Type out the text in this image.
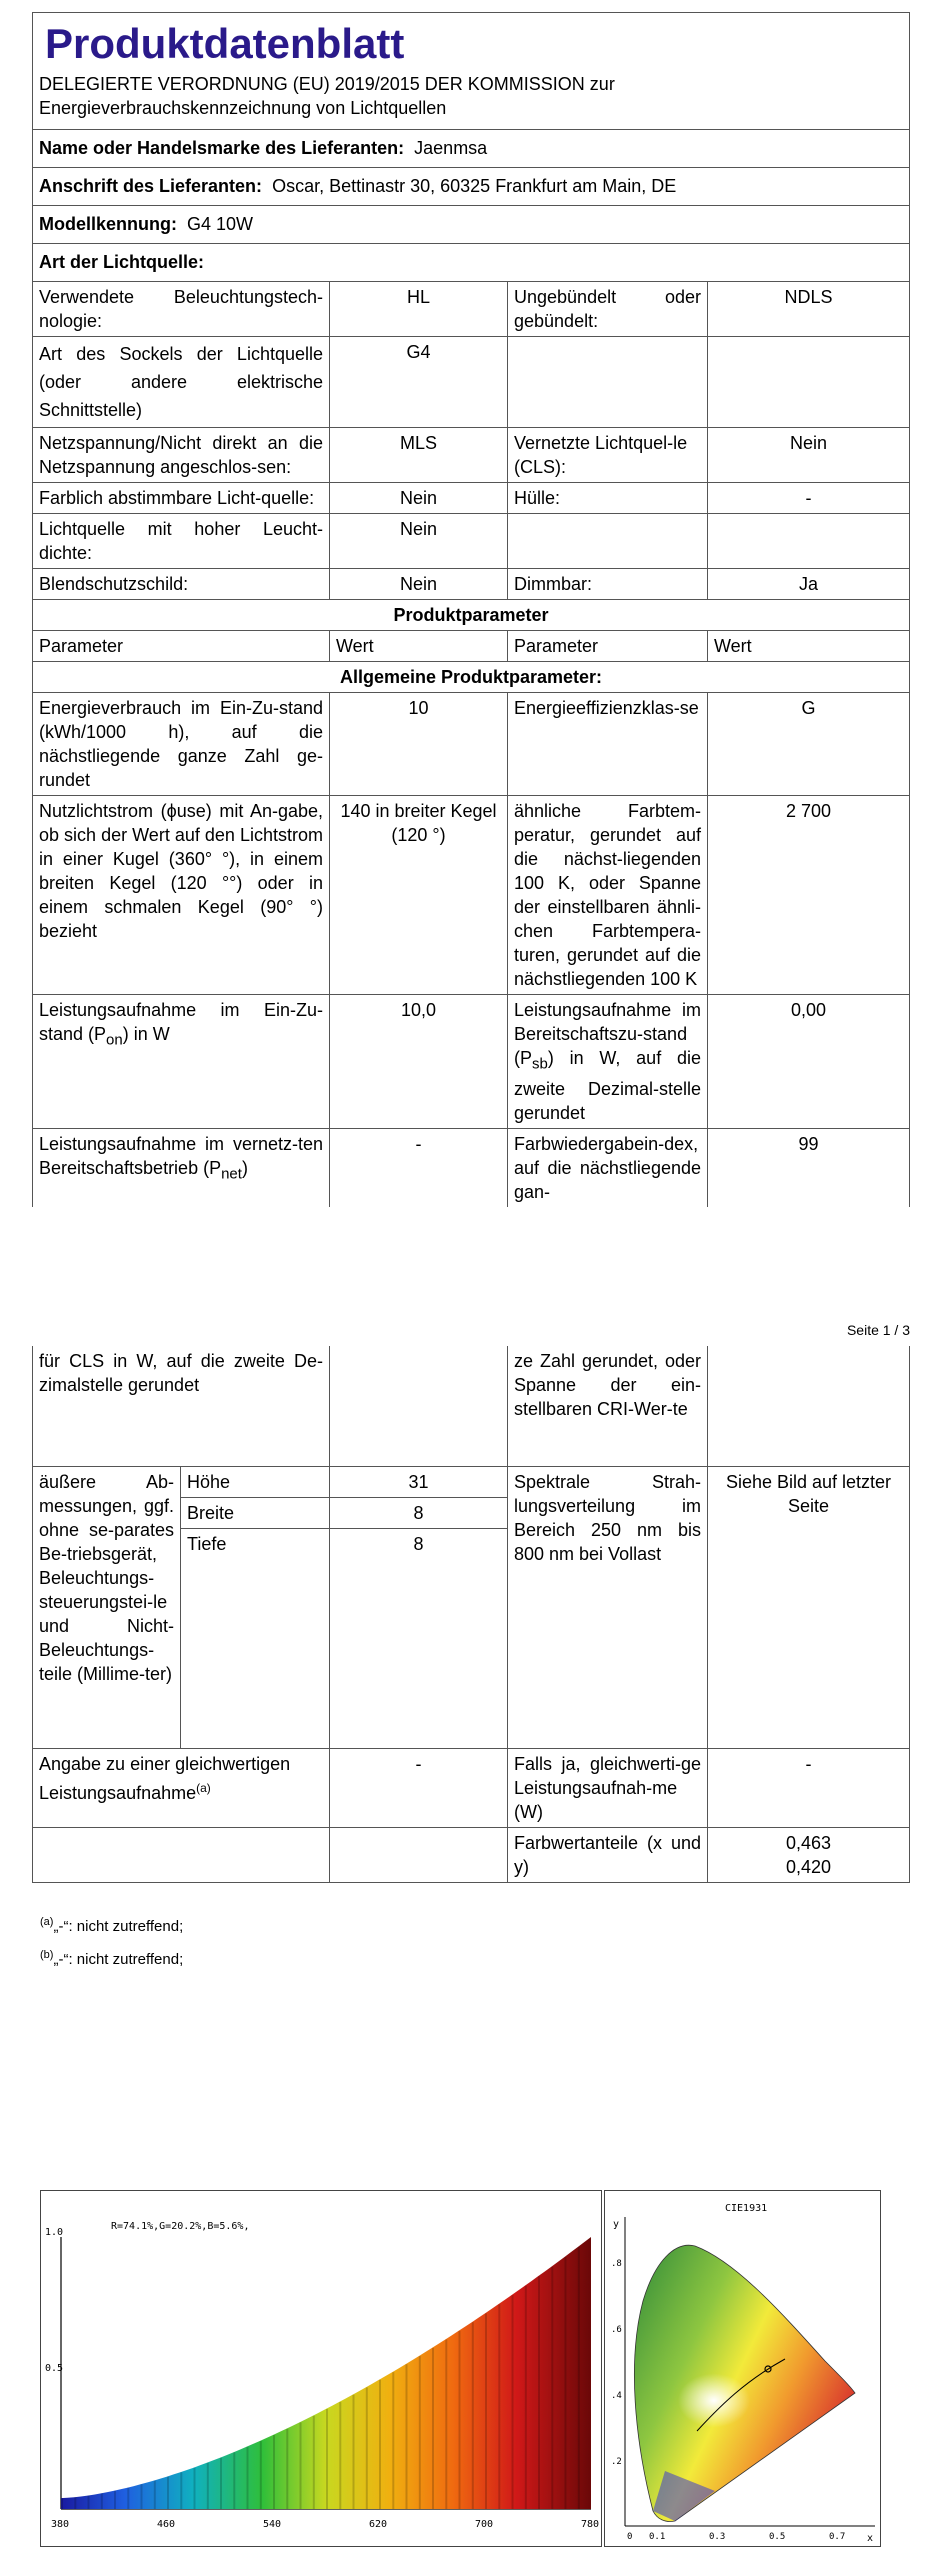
Produktdatenblatt
DELEGIERTE VERORDNUNG (EU) 2019/2015 DER KOMMISSION zur
Energieverbrauchskennzeichnung von Lichtquellen			

Name oder Handelsmarke des Lieferanten: Jaenmsa			
Anschrift des Lieferanten: Oscar, Bettinastr 30, 60325 Frankfurt am Main, DE			
Modellkennung: G4 10W			
Art der Lichtquelle:			
Verwendete Beleuchtungstech-nologie:	HL	Ungebündelt oder gebündelt:	NDLS
Art des Sockels der Lichtquelle (oder andere elektrische Schnittstelle)	G4		
Netzspannung/Nicht direkt an die Netzspannung angeschlos-sen:	MLS	Vernetzte Lichtquel-le (CLS):	Nein
Farblich abstimmbare Licht-quelle:	Nein	Hülle:	-
Lichtquelle mit hoher Leucht-dichte:	Nein		
Blendschutzschild:	Nein	Dimmbar:	Ja
Produktparameter			
Parameter	Wert	Parameter	Wert
Allgemeine Produktparameter:			
Energieverbrauch im Ein-Zu-stand (kWh/1000 h), auf die nächstliegende ganze Zahl ge-rundet	10	Energieeffizienzklas-se	G
Nutzlichtstrom (ϕuse) mit An-gabe, ob sich der Wert auf den Lichtstrom in einer Kugel (360° °), in einem breiten Kegel (120 °°) oder in einem schmalen Kegel (90° °) bezieht	140 in breiter Kegel (120 °)	ähnliche Farbtem-peratur, gerundet auf die nächst-liegenden 100 K, oder Spanne der einstellbaren ähnli-chen Farbtempera-turen, gerundet auf die nächstliegenden 100 K	2 700
Leistungsaufnahme im Ein-Zu-stand $(P_{on})$ in W	10,0	Leistungsaufnahme im Bereitschaftszu-stand $(P_{sb})$ in W, auf die zweite Dezimal-stelle gerundet	0,00
Leistungsaufnahme im vernetz-ten Bereitschaftsbetrieb $(P_{net})$	-	Farbwiedergabein-dex, auf die nächstliegende gan-	99
Seite 1 / 3
für CLS in W, auf die zweite De-zimalstelle gerundet			ze Zahl gerundet, oder Spanne der ein-stellbaren CRI-Wer-te	
äußere Ab-messungen, ggf. ohne se-parates Be-triebsgerät, Beleuchtungs-steuerungstei-le und Nicht-Beleuchtungs-teile (Millime-ter)	Höhe	31	Spektrale Strah-lungsverteilung im Bereich 250 nm bis 800 nm bei Vollast	Siehe Bild auf letzter Seite
	Breite	8		
	Tiefe	8		
Angabe zu einer gleichwertigen Leistungsaufnahme$^{(a)}$		-	Falls ja, gleichwerti-ge Leistungsaufnah-me (W)	-
			Farbwertanteile (x und y)	0,463
0,420
$^{(a)}$„-“: nicht zutreffend;
$^{(b)}$„-“: nicht zutreffend;
1.0
0.5
R=74.1%,G=20.2%,B=5.6%,
380	460	540	620	700	780
CIE1931
y
x
.8
.6
.4
.2
0 0.1	0.3	0.5	0.7
